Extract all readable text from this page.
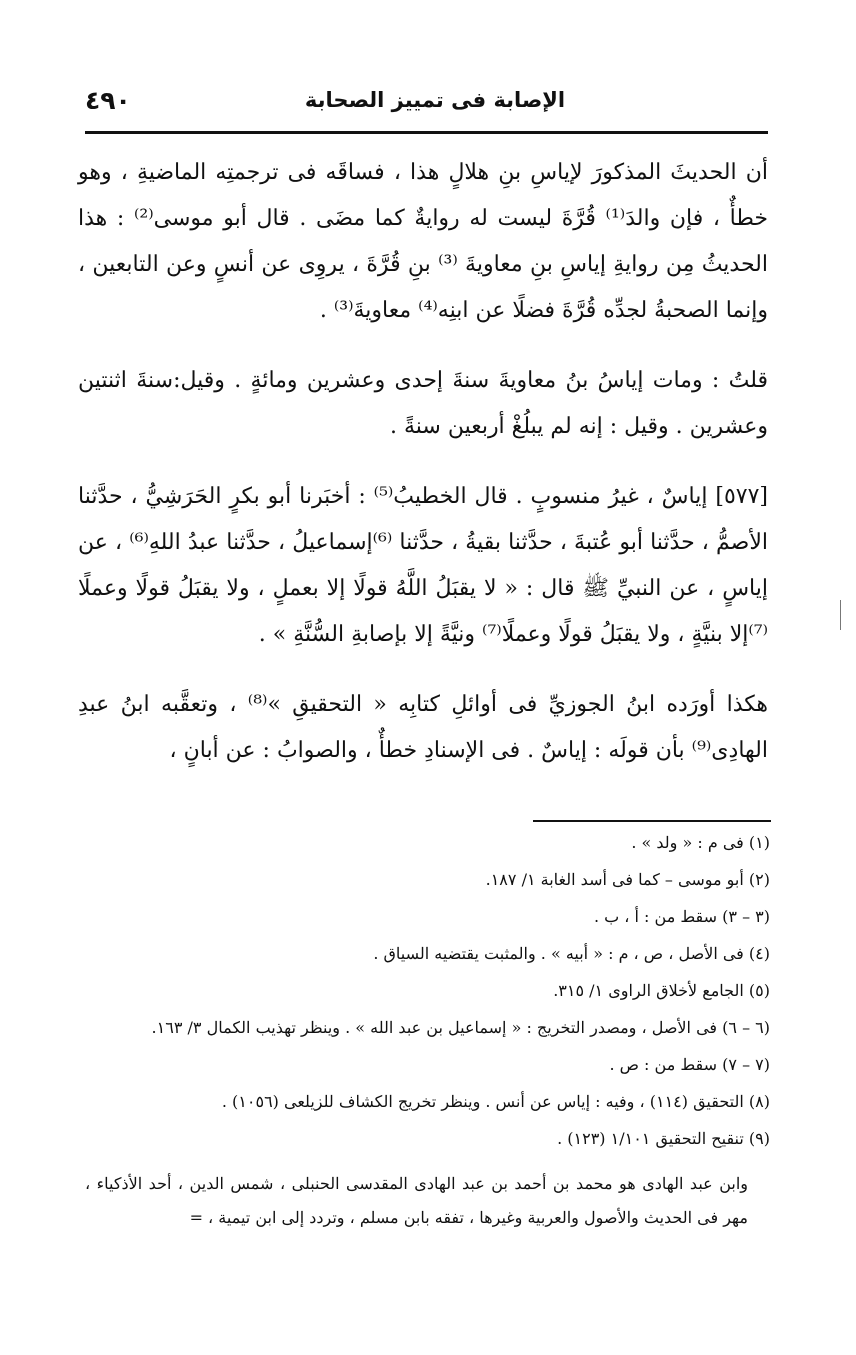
٤٩٠	الإصابة فى تمييز الصحابة

أن الحديثَ المذكورَ لإياسِ بنِ هلالٍ هذا ، فساقَه فى ترجمتِه الماضيةِ ، وهو خطأٌ ، فإن والدَ⁽¹⁾ قُرَّةَ ليست له روايةٌ كما مضَى . قال أبو موسى⁽²⁾ : هذا الحديثُ مِن روايةِ إياسِ بنِ معاويةَ ⁽³⁾ بنِ قُرَّةَ ، يروِى عن أنسٍ وعن التابعين ، وإنما الصحبةُ لجدِّه قُرَّةَ فضلًا عن ابنِه⁽⁴⁾ معاويةَ⁽³⁾ .

قلتُ : ومات إياسُ بنُ معاويةَ سنةَ إحدى وعشرين ومائةٍ . وقيل:سنةَ اثنتين وعشرين . وقيل : إنه لم يبلُغْ أربعين سنةً .

[٥٧٧] إياسٌ ، غيرُ منسوبٍ . قال الخطيبُ⁽⁵⁾ : أخبَرنا أبو بكرٍ الحَرَشِيُّ ، حدَّثنا الأصمُّ ، حدَّثنا أبو عُتبةَ ، حدَّثنا بقيةُ ، حدَّثنا ⁽⁶⁾إسماعيلُ ، حدَّثنا عبدُ اللهِ⁽⁶⁾ ، عن إياسٍ ، عن النبيِّ ﷺ قال : « لا يقبَلُ اللَّهُ قولًا إلا بعملٍ ، ولا يقبَلُ قولًا وعملًا ⁽⁷⁾إلا بنيَّةٍ ، ولا يقبَلُ قولًا وعملًا⁽⁷⁾ ونيَّةً إلا بإصابةِ السُّنَّةِ » .

هكذا أورَده ابنُ الجوزيِّ فى أوائلِ كتابِه « التحقيقِ »⁽⁸⁾ ، وتعقَّبه ابنُ عبدِ الهادِى⁽⁹⁾ بأن قولَه : إياسٌ . فى الإسنادِ خطأٌ ، والصوابُ : عن أبانٍ ،

(١) فى م : « ولد » .

(٢) أبو موسى – كما فى أسد الغابة ١/ ١٨٧.

(٣ – ٣) سقط من : أ ، ب .

(٤) فى الأصل ، ص ، م : « أبيه » . والمثبت يقتضيه السياق .

(٥) الجامع لأخلاق الراوى ١/ ٣١٥.

(٦ – ٦) فى الأصل ، ومصدر التخريج : « إسماعيل بن عبد الله » . وينظر تهذيب الكمال ٣/ ١٦٣.

(٧ – ٧) سقط من : ص .

(٨) التحقيق (١١٤) ، وفيه : إياس عن أنس . وينظر تخريج الكشاف للزيلعى (١٠٥٦) .

(٩) تنقيح التحقيق ١/١٠١ (١٢٣) .

وابن عبد الهادى هو محمد بن أحمد بن عبد الهادى المقدسى الحنبلى ، شمس الدين ، أحد الأذكياء ، مهر فى الحديث والأصول والعربية وغيرها ، تفقه بابن مسلم ، وتردد إلى ابن تيمية ، =
